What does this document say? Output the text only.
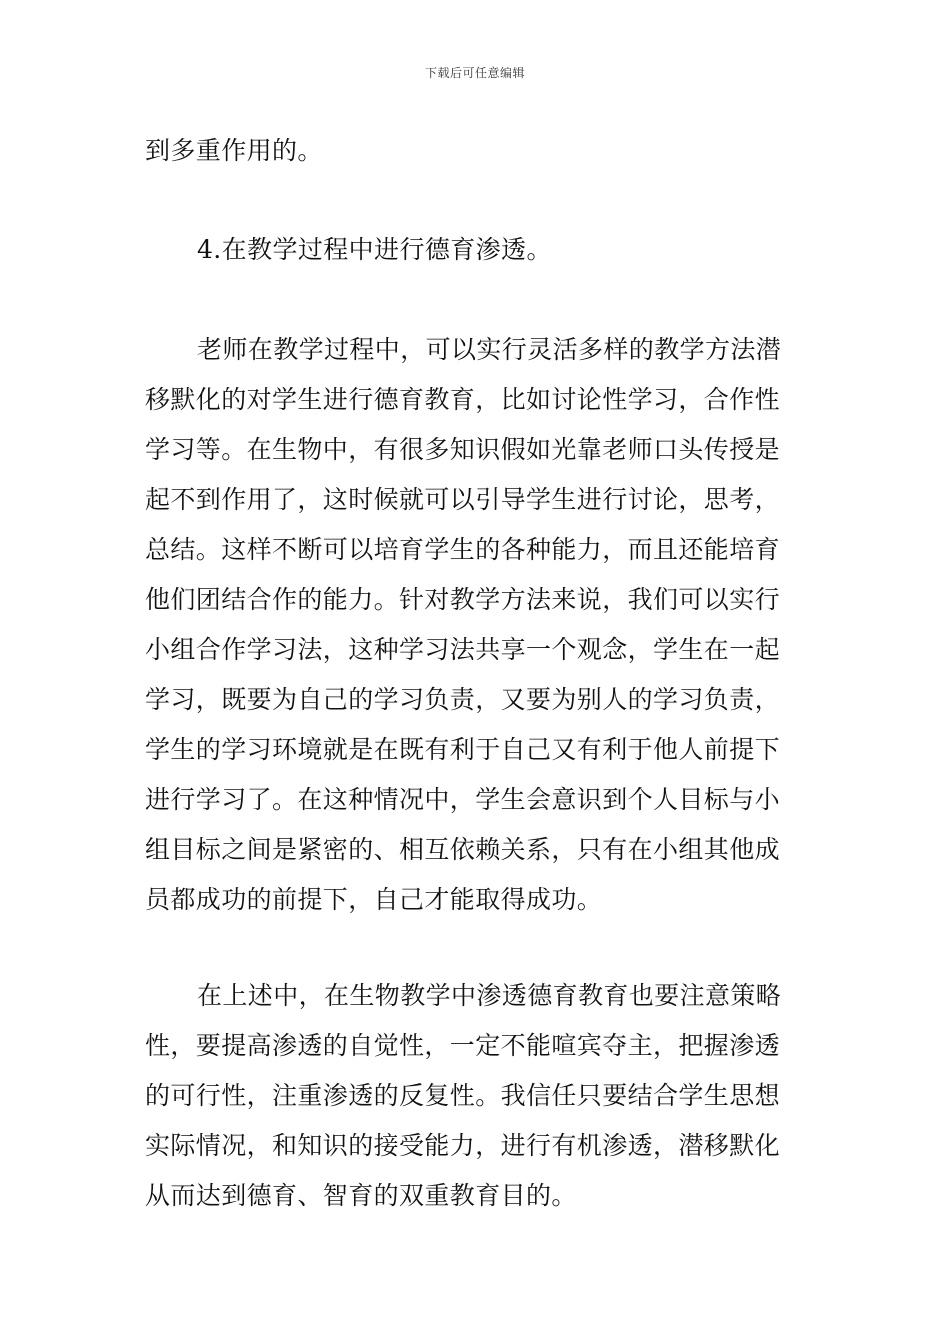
下载后可任意编辑
到多重作用的。
4.在教学过程中进行德育渗透。
老师在教学过程中，可以实行灵活多样的教学方法潜
移默化的对学生进行德育教育，比如讨论性学习，合作性
学习等。在生物中，有很多知识假如光靠老师口头传授是
起不到作用了，这时候就可以引导学生进行讨论，思考，
总结。这样不断可以培育学生的各种能力，而且还能培育
他们团结合作的能力。针对教学方法来说，我们可以实行
小组合作学习法，这种学习法共享一个观念，学生在一起
学习，既要为自己的学习负责，又要为别人的学习负责，
学生的学习环境就是在既有利于自己又有利于他人前提下
进行学习了。在这种情况中，学生会意识到个人目标与小
组目标之间是紧密的、相互依赖关系，只有在小组其他成
员都成功的前提下，自己才能取得成功。
在上述中，在生物教学中渗透德育教育也要注意策略
性，要提高渗透的自觉性，一定不能喧宾夺主，把握渗透
的可行性，注重渗透的反复性。我信任只要结合学生思想
实际情况，和知识的接受能力，进行有机渗透，潜移默化
从而达到德育、智育的双重教育目的。
